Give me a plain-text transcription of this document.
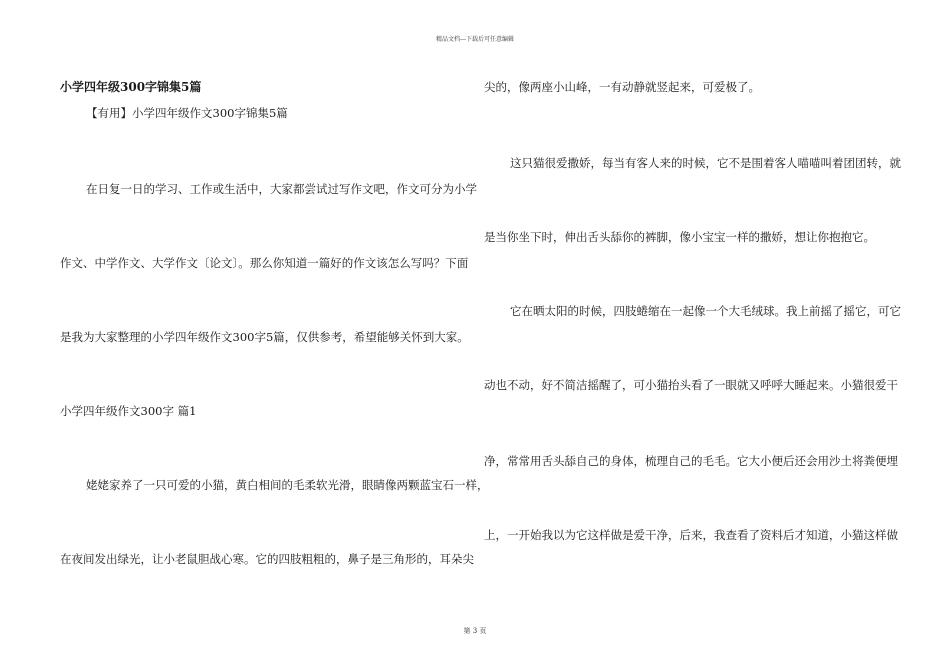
精品文档---下载后可任意编辑
小学四年级300字锦集5篇
【有用】小学四年级作文300字锦集5篇
在日复一日的学习、工作或生活中，大家都尝试过写作文吧，作文可分为小学
作文、中学作文、大学作文〔论文〕。那么你知道一篇好的作文该怎么写吗？下面
是我为大家整理的小学四年级作文300字5篇，仅供参考，希望能够关怀到大家。
小学四年级作文300字 篇1
姥姥家养了一只可爱的小猫，黄白相间的毛柔软光滑，眼睛像两颗蓝宝石一样，
在夜间发出绿光，让小老鼠胆战心寒。它的四肢粗粗的，鼻子是三角形的，耳朵尖
尖的，像两座小山峰，一有动静就竖起来，可爱极了。
这只猫很爱撒娇，每当有客人来的时候，它不是围着客人喵喵叫着团团转，就
是当你坐下时，伸出舌头舔你的裤脚，像小宝宝一样的撒娇，想让你抱抱它。
它在晒太阳的时候，四肢蜷缩在一起像一个大毛绒球。我上前摇了摇它，可它
动也不动，好不简洁摇醒了，可小猫抬头看了一眼就又呼呼大睡起来。小猫很爱干
净，常常用舌头舔自己的身体，梳理自己的毛毛。它大小便后还会用沙土将粪便埋
上，一开始我以为它这样做是爱干净，后来，我查看了资料后才知道，小猫这样做
第 3 页
